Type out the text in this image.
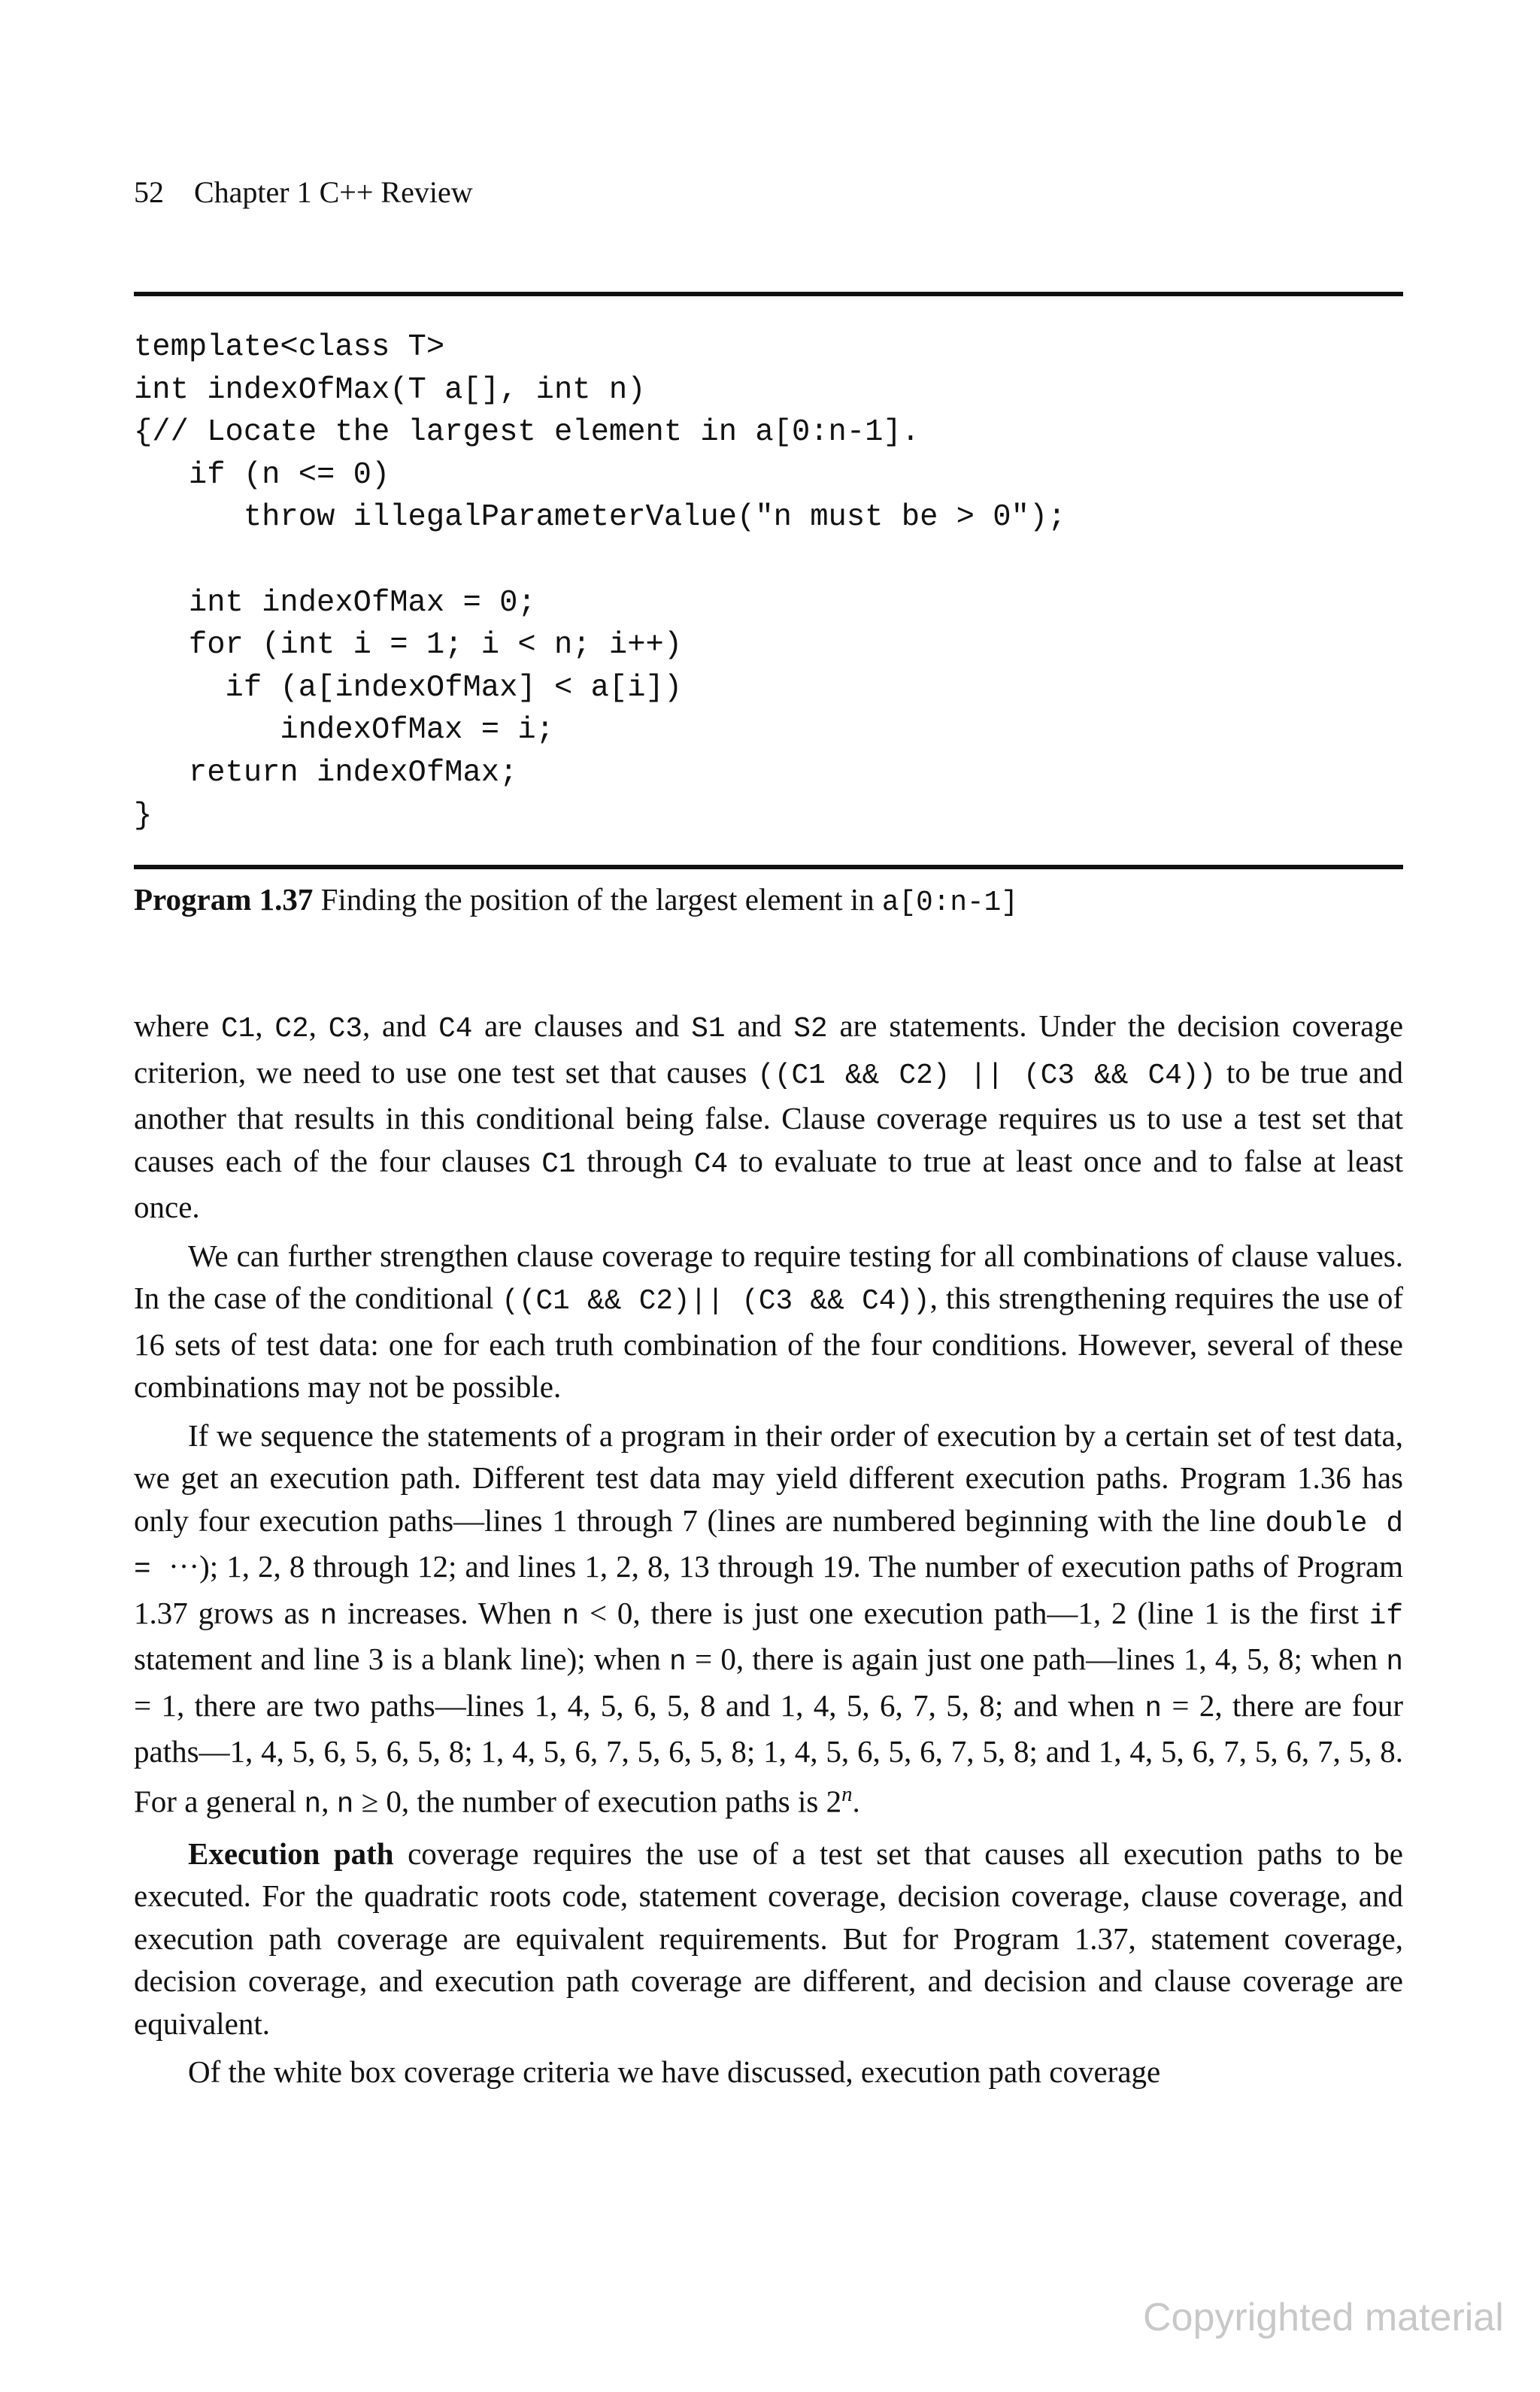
52 Chapter 1 C++ Review
template<class T>
int indexOfMax(T a[], int n)
{// Locate the largest element in a[0:n-1].
if (n <= 0)
throw illegalParameterValue("n must be > 0");
int indexOfMax = 0;
for (int i = 1; i < n; i++)
if (a[indexOfMax] < a[i])
indexOfMax = i;
return indexOfMax;
}
Program 1.37 Finding the position of the largest element in a[0:n-1]

where C1, C2, C3, and C4 are clauses and S1 and S2 are statements. Under the decision coverage criterion, we need to use one test set that causes ((C1 && C2) || (C3 && C4)) to be true and another that results in this conditional being false. Clause coverage requires us to use a test set that causes each of the four clauses C1 through C4 to evaluate to true at least once and to false at least once.

We can further strengthen clause coverage to require testing for all combinations of clause values. In the case of the conditional ((C1 && C2)|| (C3 && C4)), this strengthening requires the use of 16 sets of test data: one for each truth combination of the four conditions. However, several of these combinations may not be possible.

If we sequence the statements of a program in their order of execution by a certain set of test data, we get an execution path. Different test data may yield different execution paths. Program 1.36 has only four execution paths—lines 1 through 7 (lines are numbered beginning with the line double d = ···); 1, 2, 8 through 12; and lines 1, 2, 8, 13 through 19. The number of execution paths of Program 1.37 grows as n increases. When n < 0, there is just one execution path—1, 2 (line 1 is the first if statement and line 3 is a blank line); when n = 0, there is again just one path—lines 1, 4, 5, 8; when n = 1, there are two paths—lines 1, 4, 5, 6, 5, 8 and 1, 4, 5, 6, 7, 5, 8; and when n = 2, there are four paths—1, 4, 5, 6, 5, 6, 5, 8; 1, 4, 5, 6, 7, 5, 6, 5, 8; 1, 4, 5, 6, 5, 6, 7, 5, 8; and 1, 4, 5, 6, 7, 5, 6, 7, 5, 8. For a general n, n ≥ 0, the number of execution paths is 2$^n$.

Execution path coverage requires the use of a test set that causes all execution paths to be executed. For the quadratic roots code, statement coverage, decision coverage, clause coverage, and execution path coverage are equivalent requirements. But for Program 1.37, statement coverage, decision coverage, and execution path coverage are different, and decision and clause coverage are equivalent.

Of the white box coverage criteria we have discussed, execution path coverage

Copyrighted material
